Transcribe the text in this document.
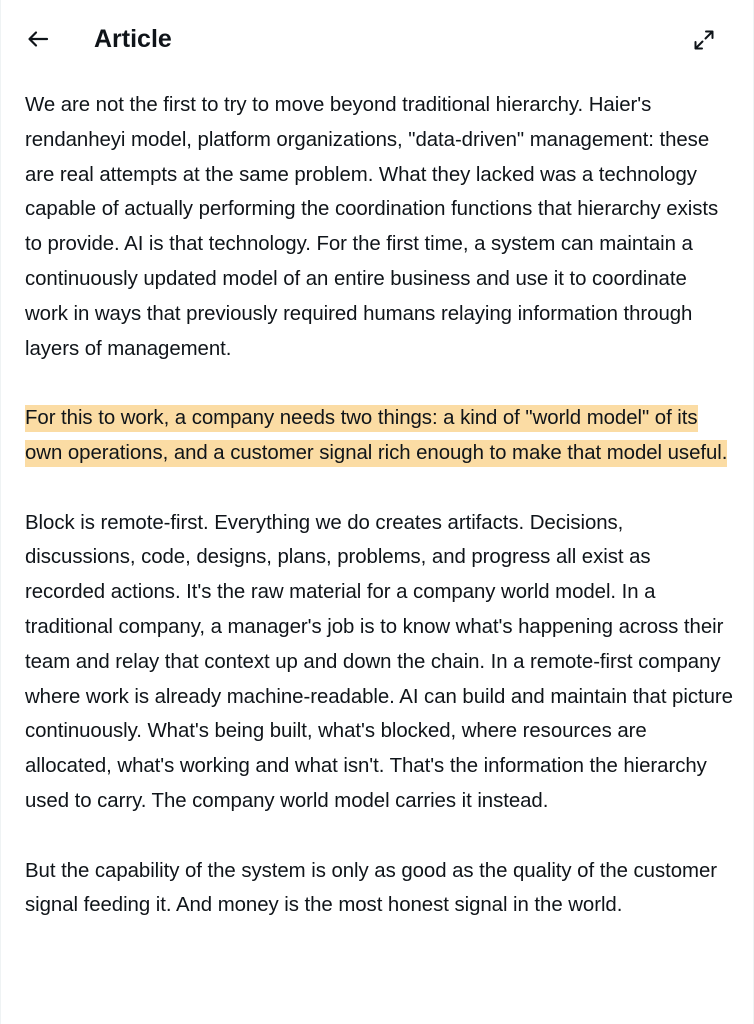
Article

We are not the first to try to move beyond traditional hierarchy. Haier's rendanheyi model, platform organizations, "data-driven" management: these are real attempts at the same problem. What they lacked was a technology capable of actually performing the coordination functions that hierarchy exists to provide. AI is that technology. For the first time, a system can maintain a continuously updated model of an entire business and use it to coordinate work in ways that previously required humans relaying information through layers of management.

For this to work, a company needs two things: a kind of "world model" of its own operations, and a customer signal rich enough to make that model useful.

Block is remote-first. Everything we do creates artifacts. Decisions, discussions, code, designs, plans, problems, and progress all exist as recorded actions. It's the raw material for a company world model. In a traditional company, a manager's job is to know what's happening across their team and relay that context up and down the chain. In a remote-first company where work is already machine-readable. AI can build and maintain that picture continuously. What's being built, what's blocked, where resources are allocated, what's working and what isn't. That's the information the hierarchy used to carry. The company world model carries it instead.

But the capability of the system is only as good as the quality of the customer signal feeding it. And money is the most honest signal in the world.
